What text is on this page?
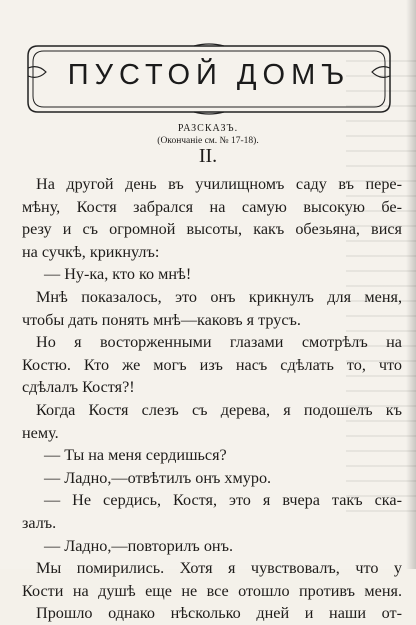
ПУСТОЙ ДОМЪ
РАЗСКАЗЪ.
(Окончаніе см. № 17-18).
II.
На другой день въ училищномъ саду въ пере-
мѣну, Костя забрался на самую высокую бе-
резу и съ огромной высоты, какъ обезьяна, вися
на сучкѣ, крикнулъ:
— Ну-ка, кто ко мнѣ!
Мнѣ показалось, это онъ крикнулъ для меня,
чтобы дать понять мнѣ—каковъ я трусъ.
Но я восторженными глазами смотрѣлъ на
Костю. Кто же могъ изъ насъ сдѣлать то, что
сдѣлалъ Костя?!
Когда Костя слезъ съ дерева, я подошелъ къ
нему.
— Ты на меня сердишься?
— Ладно,—отвѣтилъ онъ хмуро.
— Не сердись, Костя, это я вчера такъ ска-
залъ.
— Ладно,—повторилъ онъ.
Мы помирились. Хотя я чувствовалъ, что у
Кости на душѣ еще не все отошло противъ меня.
Прошло однако нѣсколько дней и наши от-
